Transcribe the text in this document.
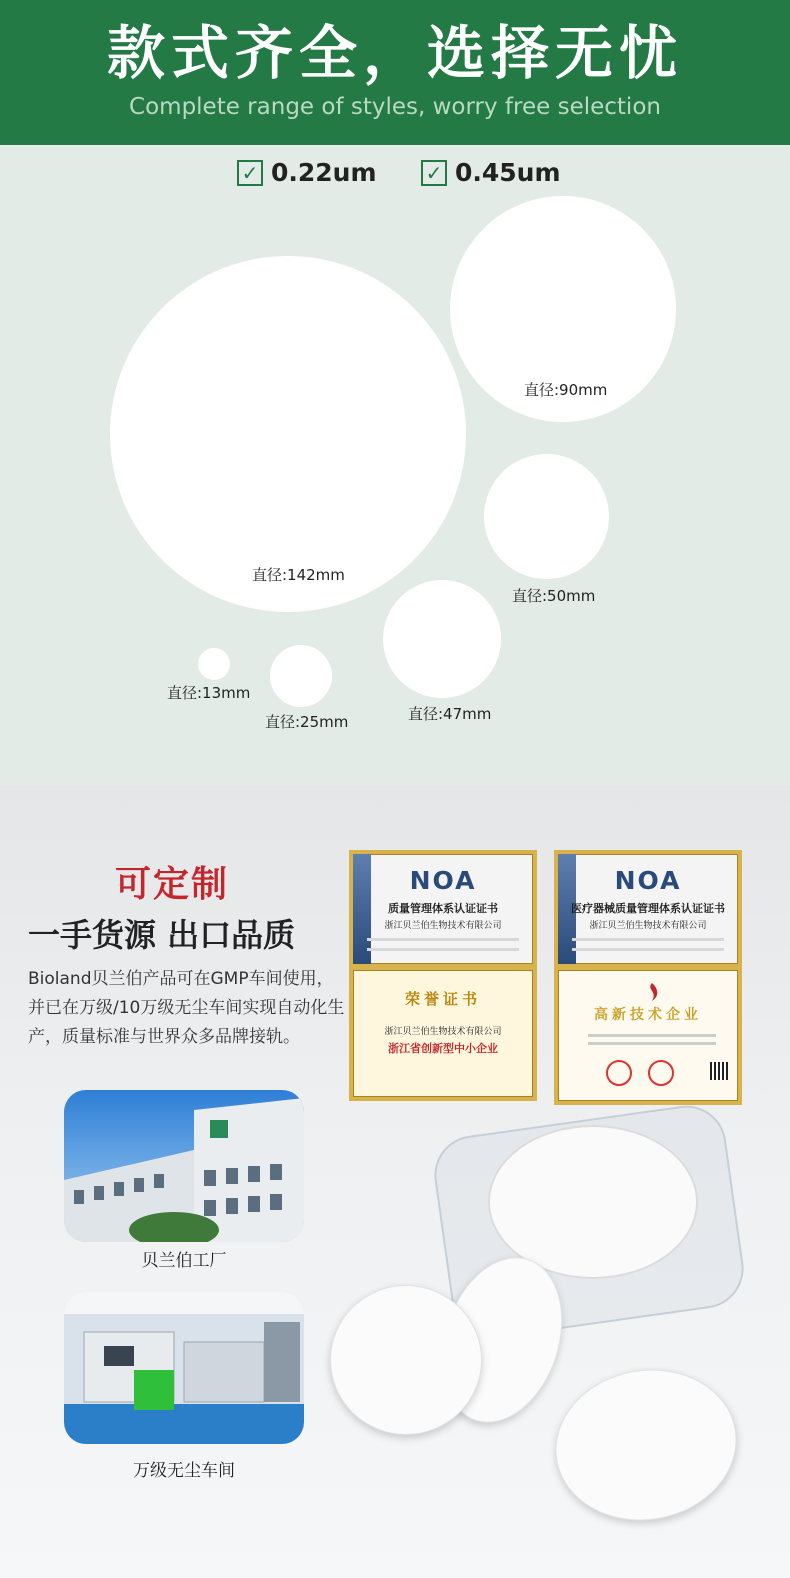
款式齐全，选择无忧
Complete range of styles, worry free selection
✓ 0.22um ✓ 0.45um
直径:142mm
直径:90mm
直径:50mm
直径:47mm
直径:25mm
直径:13mm
可定制
一手货源 出口品质
Bioland贝兰伯产品可在GMP车间使用，并已在万级/10万级无尘车间实现自动化生产，质量标准与世界众多品牌接轨。
NOA
质量管理体系认证证书
浙江贝兰伯生物技术有限公司
NOA
医疗器械质量管理体系认证证书
浙江贝兰伯生物技术有限公司
荣誉证书
浙江贝兰伯生物技术有限公司
浙江省创新型中小企业
高新技术企业
贝兰伯工厂
万级无尘车间
